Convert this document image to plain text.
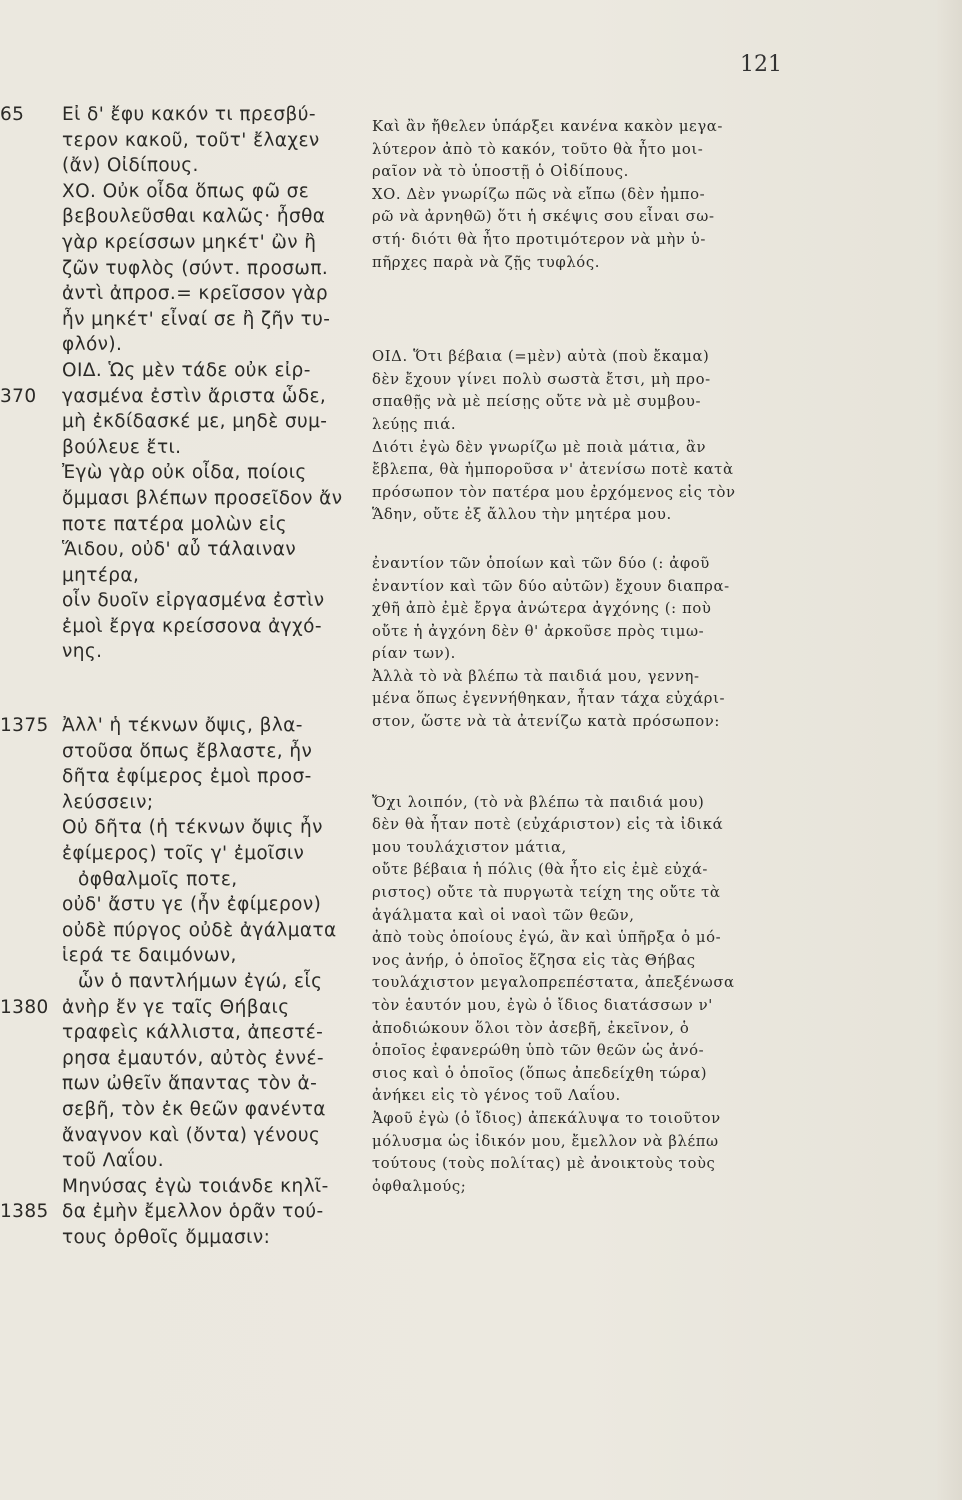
121
65	Εἰ δ' ἔφυ κακόν τι πρεσβύ-
τερον κακοῦ, τοῦτ' ἔλαχεν
(ἄν) Οἰδίπους.
ΧΟ. Οὐκ οἶδα ὅπως φῶ σε
βεβουλεῦσθαι καλῶς· ἦσθα
γὰρ κρείσσων μηκέτ' ὢν ἢ
ζῶν τυφλὸς (σύντ. προσωπ.
ἀντὶ ἀπροσ.= κρεῖσσον γὰρ
ἦν μηκέτ' εἶναί σε ἢ ζῆν τυ-
φλόν).
ΟΙΔ. Ὡς μὲν τάδε οὐκ εἰρ-
370	γασμένα ἐστὶν ἄριστα ὧδε,
μὴ ἐκδίδασκέ με, μηδὲ συμ-
βούλευε ἔτι.
Ἐγὼ γὰρ οὐκ οἶδα, ποίοις
ὄμμασι βλέπων προσεῖδον ἄν
ποτε πατέρα μολὼν εἰς
Ἅιδου, οὐδ' αὖ τάλαιναν
μητέρα,
οἷν δυοῖν εἰργασμένα ἐστὶν
ἐμοὶ ἔργα κρείσσονα ἀγχό-
νης.
1375 Ἀλλ' ἡ τέκνων ὄψις, βλα-
στοῦσα ὅπως ἔβλαστε, ἦν
δῆτα ἐφίμερος ἐμοὶ προσ-
λεύσσειν;
Οὐ δῆτα (ἡ τέκνων ὄψις ἦν
ἐφίμερος) τοῖς γ' ἐμοῖσιν
ὀφθαλμοῖς ποτε,
οὐδ' ἄστυ γε (ἦν ἐφίμερον)
οὐδὲ πύργος οὐδὲ ἀγάλματα
ἱερά τε δαιμόνων,
ὧν ὁ παντλήμων ἐγώ, εἷς
1380 ἀνὴρ ἔν γε ταῖς Θήβαις
τραφεὶς κάλλιστα, ἀπεστέ-
ρησα ἐμαυτόν, αὐτὸς ἐννέ-
πων ὠθεῖν ἅπαντας τὸν ἀ-
σεβῆ, τὸν ἐκ θεῶν φανέντα
ἄναγνον καὶ (ὄντα) γένους
τοῦ Λαΐου.
Μηνύσας ἐγὼ τοιάνδε κηλῖ-
1385 δα ἐμὴν ἔμελλον ὁρᾶν τού-
τους ὀρθοῖς ὄμμασιν:
Καὶ ἂν ἤθελεν ὑπάρξει κανένα κακὸν μεγα-
λύτερον ἀπὸ τὸ κακόν, τοῦτο θὰ ἦτο μοι-
ραῖον νὰ τὸ ὑποστῇ ὁ Οἰδίπους.
ΧΟ. Δὲν γνωρίζω πῶς νὰ εἴπω (δὲν ἠμπο-
ρῶ νὰ ἀρνηθῶ) ὅτι ἡ σκέψις σου εἶναι σω-
στή· διότι θὰ ἦτο προτιμότερον νὰ μὴν ὑ-
πῆρχες παρὰ νὰ ζῇς τυφλός.
ΟΙΔ. Ὅτι βέβαια (=μὲν) αὐτὰ (ποὺ ἔκαμα)
δὲν ἔχουν γίνει πολὺ σωστὰ ἔτσι, μὴ προ-
σπαθῇς νὰ μὲ πείσῃς οὔτε νὰ μὲ συμβου-
λεύῃς πιά.
Διότι ἐγὼ δὲν γνωρίζω μὲ ποιὰ μάτια, ἂν
ἔβλεπα, θὰ ἠμποροῦσα ν' ἀτενίσω ποτὲ κατὰ
πρόσωπον τὸν πατέρα μου ἐρχόμενος εἰς τὸν
Ἅδην, οὔτε ἐξ ἄλλου τὴν μητέρα μου.
ἐναντίον τῶν ὁποίων καὶ τῶν δύο (: ἀφοῦ
ἐναντίον καὶ τῶν δύο αὐτῶν) ἔχουν διαπρα-
χθῆ ἀπὸ ἐμὲ ἔργα ἀνώτερα ἀγχόνης (: ποὺ
οὔτε ἡ ἀγχόνη δὲν θ' ἀρκοῦσε πρὸς τιμω-
ρίαν των).
Ἀλλὰ τὸ νὰ βλέπω τὰ παιδιά μου, γεννη-
μένα ὅπως ἐγεννήθηκαν, ἦταν τάχα εὐχάρι-
στον, ὥστε νὰ τὰ ἀτενίζω κατὰ πρόσωπον:
Ὄχι λοιπόν, (τὸ νὰ βλέπω τὰ παιδιά μου)
δὲν θὰ ἦταν ποτὲ (εὐχάριστον) εἰς τὰ ἰδικά
μου τουλάχιστον μάτια,
οὔτε βέβαια ἡ πόλις (θὰ ἦτο εἰς ἐμὲ εὐχά-
ριστος) οὔτε τὰ πυργωτὰ τείχη της οὔτε τὰ
ἀγάλματα καὶ οἱ ναοὶ τῶν θεῶν,
ἀπὸ τοὺς ὁποίους ἐγώ, ἂν καὶ ὑπῆρξα ὁ μό-
νος ἀνήρ, ὁ ὁποῖος ἔζησα εἰς τὰς Θήβας
τουλάχιστον μεγαλοπρεπέστατα, ἀπεξένωσα
τὸν ἑαυτόν μου, ἐγὼ ὁ ἴδιος διατάσσων ν'
ἀποδιώκουν ὅλοι τὸν ἀσεβῆ, ἐκεῖνον, ὁ
ὁποῖος ἐφανερώθη ὑπὸ τῶν θεῶν ὡς ἀνό-
σιος καὶ ὁ ὁποῖος (ὅπως ἀπεδείχθη τώρα)
ἀνήκει εἰς τὸ γένος τοῦ Λαΐου.
Ἀφοῦ ἐγὼ (ὁ ἴδιος) ἀπεκάλυψα το τοιοῦτον
μόλυσμα ὡς ἰδικόν μου, ἔμελλον νὰ βλέπω
τούτους (τοὺς πολίτας) μὲ ἀνοικτοὺς τοὺς
ὀφθαλμούς;
